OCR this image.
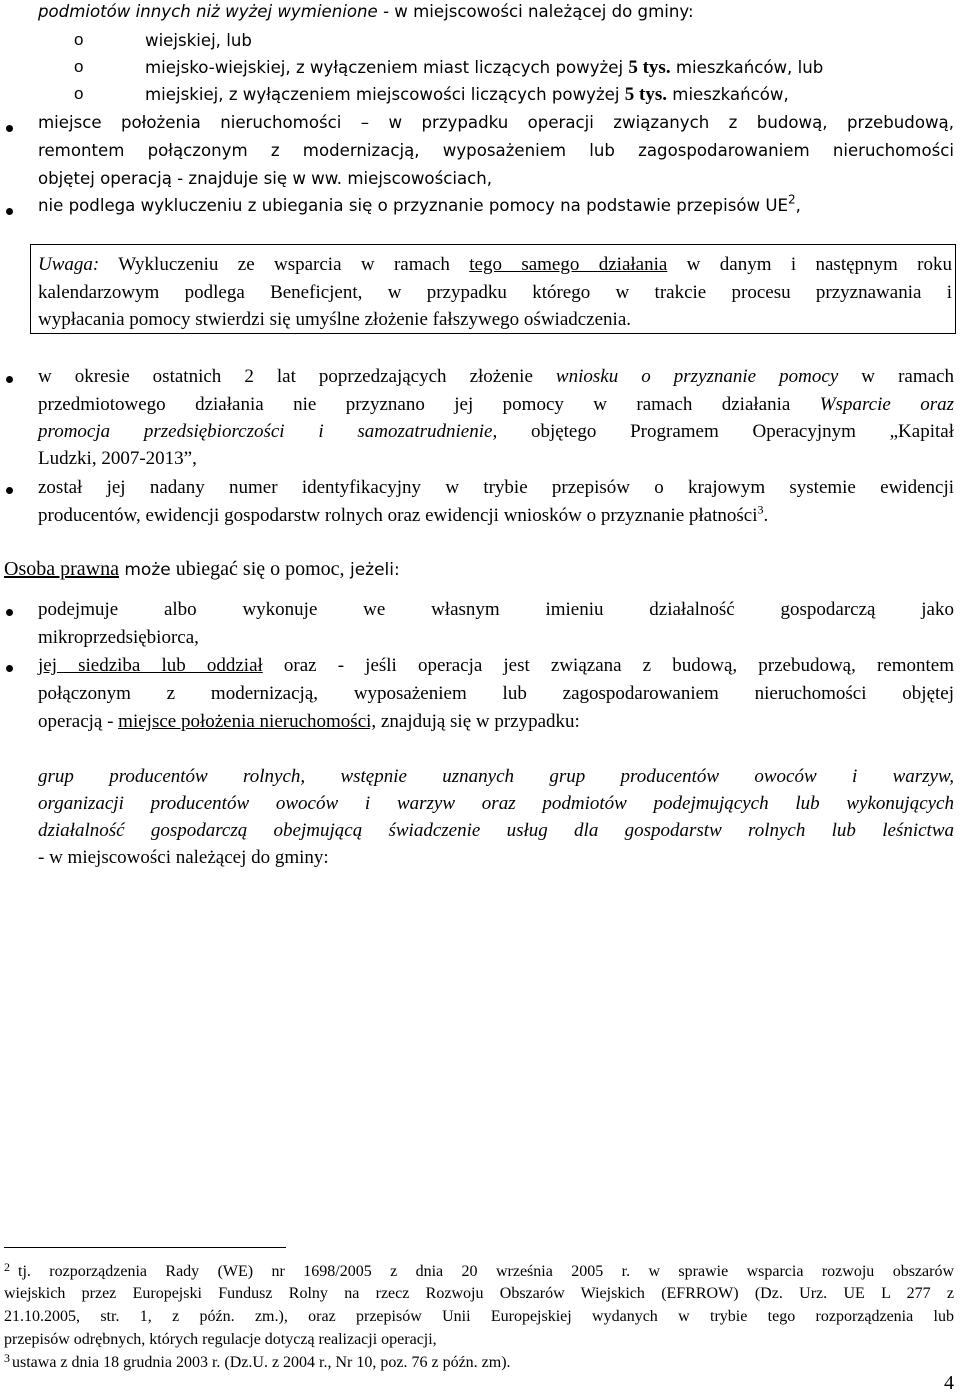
podmiotów innych niż wyżej wymienione - w miejscowości należącej do gminy:
o	wiejskiej, lub
o	miejsko-wiejskiej, z wyłączeniem miast liczących powyżej 5 tys. mieszkańców, lub
o	miejskiej, z wyłączeniem miejscowości liczących powyżej 5 tys. mieszkańców,
miejsce położenia nieruchomości – w przypadku operacji związanych z budową, przebudową,
remontem połączonym z modernizacją, wyposażeniem lub zagospodarowaniem nieruchomości
objętej operacją - znajduje się w ww. miejscowościach,
nie podlega wykluczeniu z ubiegania się o przyznanie pomocy na podstawie przepisów $UE^2$,
Uwaga: Wykluczeniu ze wsparcia w ramach tego samego działania w danym i następnym roku
kalendarzowym podlega Beneficjent, w przypadku którego w trakcie procesu przyznawania i
wypłacania pomocy stwierdzi się umyślne złożenie fałszywego oświadczenia.
w okresie ostatnich 2 lat poprzedzających złożenie wniosku o przyznanie pomocy w ramach
przedmiotowego działania nie przyznano jej pomocy w ramach działania Wsparcie oraz
promocja przedsiębiorczości i samozatrudnienie, objętego Programem Operacyjnym „Kapitał
Ludzki, 2007-2013”,
został jej nadany numer identyfikacyjny w trybie przepisów o krajowym systemie ewidencji
producentów, ewidencji gospodarstw rolnych oraz ewidencji wniosków o przyznanie płatności$^3$.
Osoba prawna może ubiegać się o pomoc, jeżeli:
podejmuje albo wykonuje we własnym imieniu działalność gospodarczą jako
mikroprzedsiębiorca,
jej siedziba lub oddział oraz - jeśli operacja jest związana z budową, przebudową, remontem
połączonym z modernizacją, wyposażeniem lub zagospodarowaniem nieruchomości objętej
operacją - miejsce położenia nieruchomości, znajdują się w przypadku:
grup producentów rolnych, wstępnie uznanych grup producentów owoców i warzyw,
organizacji producentów owoców i warzyw oraz podmiotów podejmujących lub wykonujących
działalność gospodarczą obejmującą świadczenie usług dla gospodarstw rolnych lub leśnictwa
- w miejscowości należącej do gminy:
2 tj. rozporządzenia Rady (WE) nr 1698/2005 z dnia 20 września 2005 r. w sprawie wsparcia rozwoju obszarów
wiejskich przez Europejski Fundusz Rolny na rzecz Rozwoju Obszarów Wiejskich (EFRROW) (Dz. Urz. UE L 277 z
21.10.2005, str. 1, z późn. zm.), oraz przepisów Unii Europejskiej wydanych w trybie tego rozporządzenia lub
przepisów odrębnych, których regulacje dotyczą realizacji operacji,
3 ustawa z dnia 18 grudnia 2003 r. (Dz.U. z 2004 r., Nr 10, poz. 76 z późn. zm).
4
